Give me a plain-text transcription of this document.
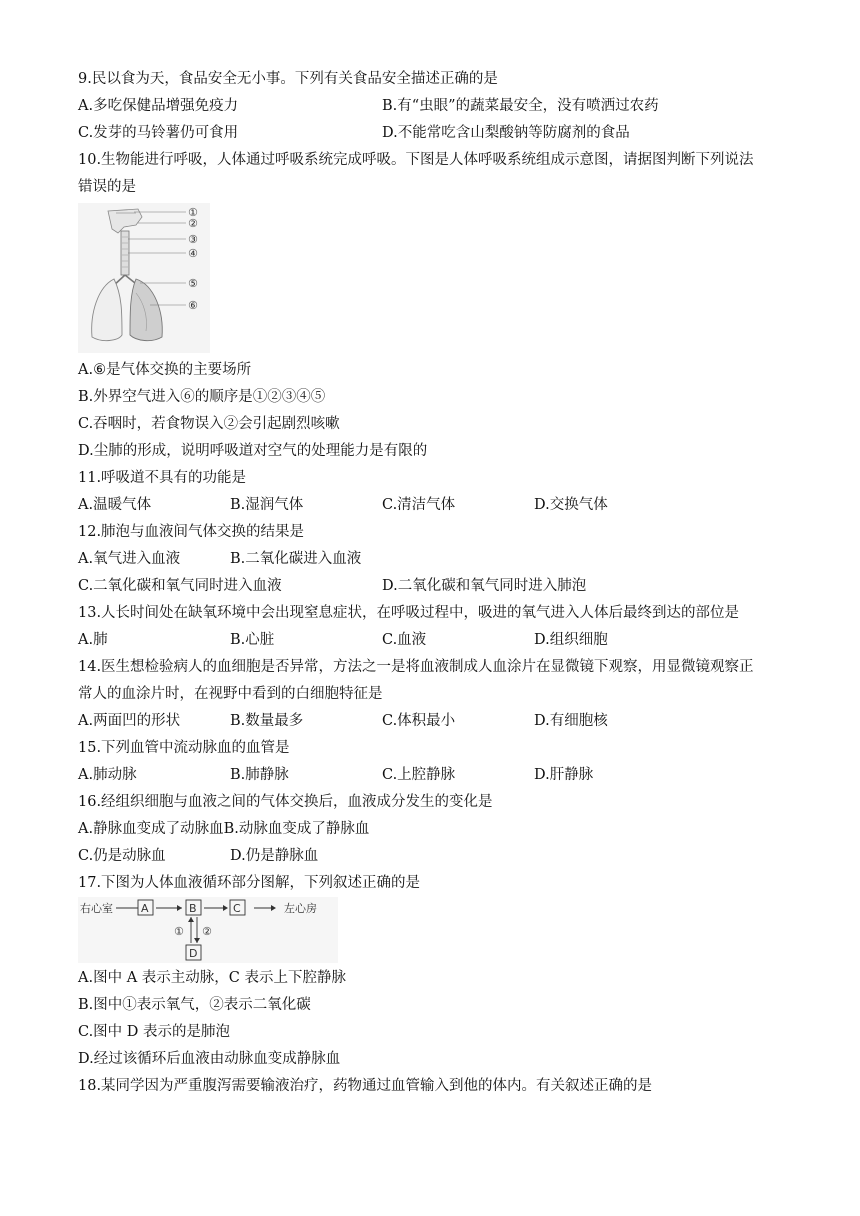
9.民以食为天，食品安全无小事。下列有关食品安全描述正确的是
A.多吃保健品增强免疫力	B.有“虫眼”的蔬菜最安全，没有喷洒过农药
C.发芽的马铃薯仍可食用	D.不能常吃含山梨酸钠等防腐剂的食品
10.生物能进行呼吸，人体通过呼吸系统完成呼吸。下图是人体呼吸系统组成示意图，请据图判断下列说法
错误的是
①
②
③
④
⑤
⑥
A.⑥是气体交换的主要场所
B.外界空气进入⑥的顺序是①②③④⑤
C.吞咽时，若食物误入②会引起剧烈咳嗽
D.尘肺的形成，说明呼吸道对空气的处理能力是有限的
11.呼吸道不具有的功能是
A.温暖气体	B.湿润气体	C.清洁气体	D.交换气体
12.肺泡与血液间气体交换的结果是
A.氧气进入血液	B.二氧化碳进入血液
C.二氧化碳和氧气同时进入血液	D.二氧化碳和氧气同时进入肺泡
13.人长时间处在缺氧环境中会出现窒息症状，在呼吸过程中，吸进的氧气进入人体后最终到达的部位是
A.肺	B.心脏	C.血液	D.组织细胞
14.医生想检验病人的血细胞是否异常，方法之一是将血液制成人血涂片在显微镜下观察，用显微镜观察正
常人的血涂片时，在视野中看到的白细胞特征是
A.两面凹的形状	B.数量最多	C.体积最小	D.有细胞核
15.下列血管中流动脉血的血管是
A.肺动脉	B.肺静脉	C.上腔静脉	D.肝静脉
16.经组织细胞与血液之间的气体交换后，血液成分发生的变化是
A.静脉血变成了动脉血B.动脉血变成了静脉血
C.仍是动脉血	D.仍是静脉血
17.下图为人体血液循环部分图解，下列叙述正确的是
右心室	A	B	C	左心房
① ②
D
A.图中 A 表示主动脉，C 表示上下腔静脉
B.图中①表示氧气，②表示二氧化碳
C.图中 D 表示的是肺泡
D.经过该循环后血液由动脉血变成静脉血
18.某同学因为严重腹泻需要输液治疗，药物通过血管输入到他的体内。有关叙述正确的是
